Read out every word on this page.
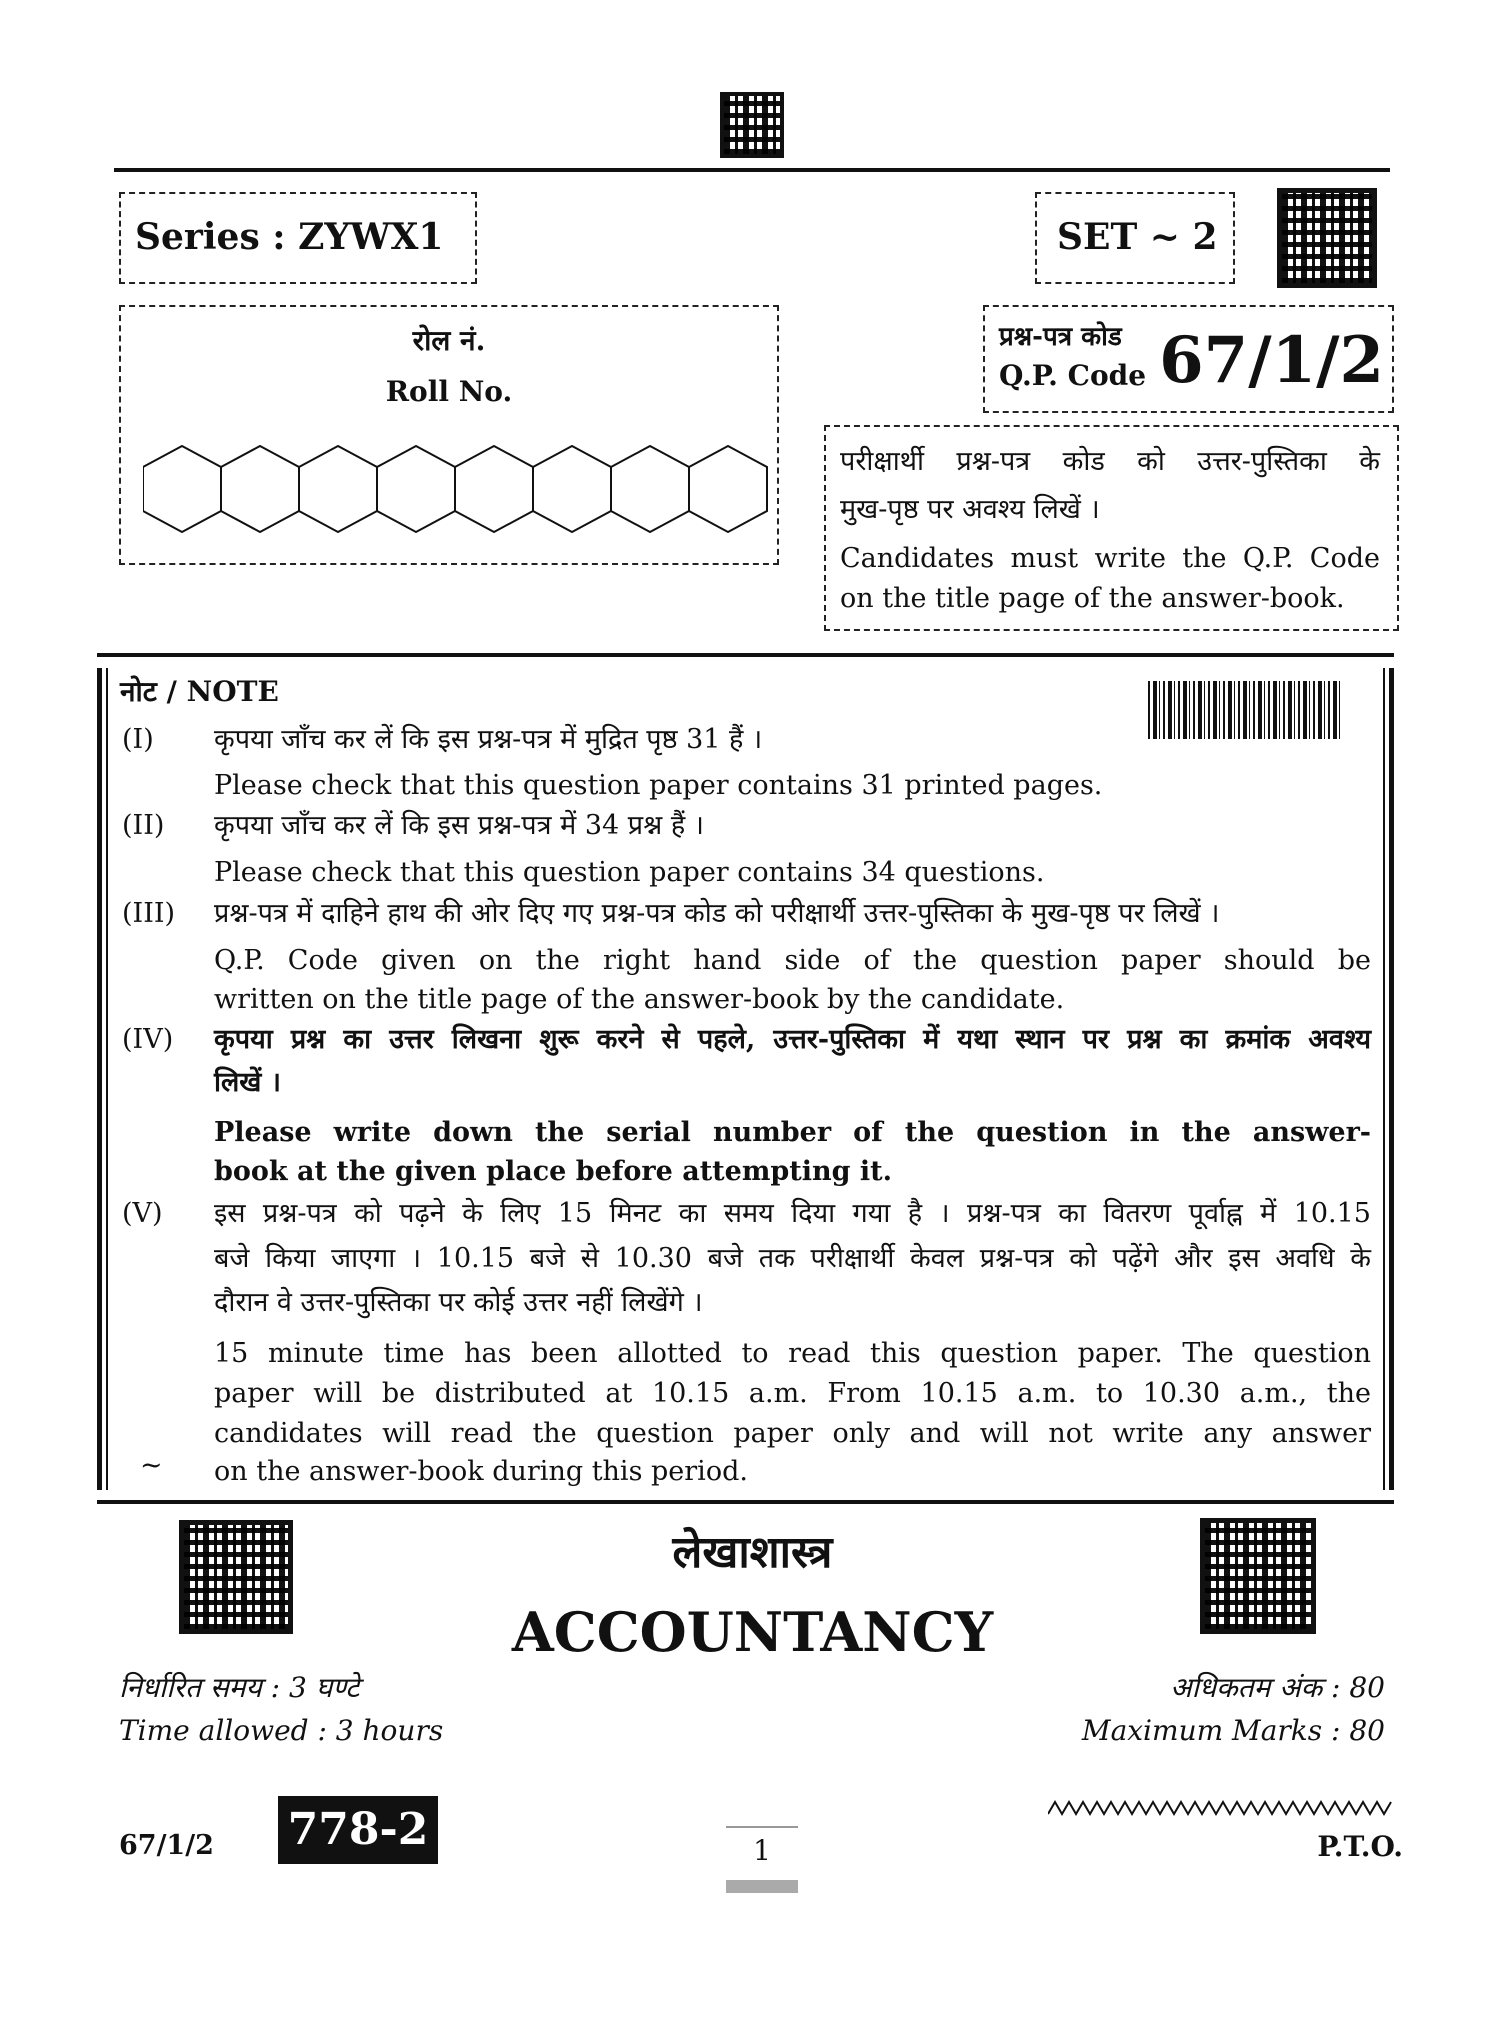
Series : ZYWX1	SET ~ 2
रोल नं.
Roll No.
प्रश्न-पत्र कोड
Q.P. Code 67/1/2
परीक्षार्थी प्रश्न-पत्र कोड को उत्तर-पुस्तिका के
मुख-पृष्ठ पर अवश्य लिखें ।
Candidates must write the Q.P. Code
on the title page of the answer-book.
नोट / NOTE
(I) कृपया जाँच कर लें कि इस प्रश्न-पत्र में मुद्रित पृष्ठ 31 हैं ।
Please check that this question paper contains 31 printed pages.
(II) कृपया जाँच कर लें कि इस प्रश्न-पत्र में 34 प्रश्न हैं ।
Please check that this question paper contains 34 questions.
(III) प्रश्न-पत्र में दाहिने हाथ की ओर दिए गए प्रश्न-पत्र कोड को परीक्षार्थी उत्तर-पुस्तिका के मुख-पृष्ठ पर लिखें ।
Q.P. Code given on the right hand side of the question paper should be
written on the title page of the answer-book by the candidate.
(IV) कृपया प्रश्न का उत्तर लिखना शुरू करने से पहले, उत्तर-पुस्तिका में यथा स्थान पर प्रश्न का क्रमांक अवश्य
लिखें ।
Please write down the serial number of the question in the answer-
book at the given place before attempting it.
(V) इस प्रश्न-पत्र को पढ़ने के लिए 15 मिनट का समय दिया गया है । प्रश्न-पत्र का वितरण पूर्वाह्न में 10.15
बजे किया जाएगा । 10.15 बजे से 10.30 बजे तक परीक्षार्थी केवल प्रश्न-पत्र को पढ़ेंगे और इस अवधि के
दौरान वे उत्तर-पुस्तिका पर कोई उत्तर नहीं लिखेंगे ।
15 minute time has been allotted to read this question paper. The question
paper will be distributed at 10.15 a.m. From 10.15 a.m. to 10.30 a.m., the
candidates will read the question paper only and will not write any answer
on the answer-book during this period.
~
लेखाशास्त्र
ACCOUNTANCY
निर्धारित समय : 3 घण्टे
Time allowed : 3 hours
अधिकतम अंक : 80
Maximum Marks : 80
67/1/2 778-2	1	P.T.O.
